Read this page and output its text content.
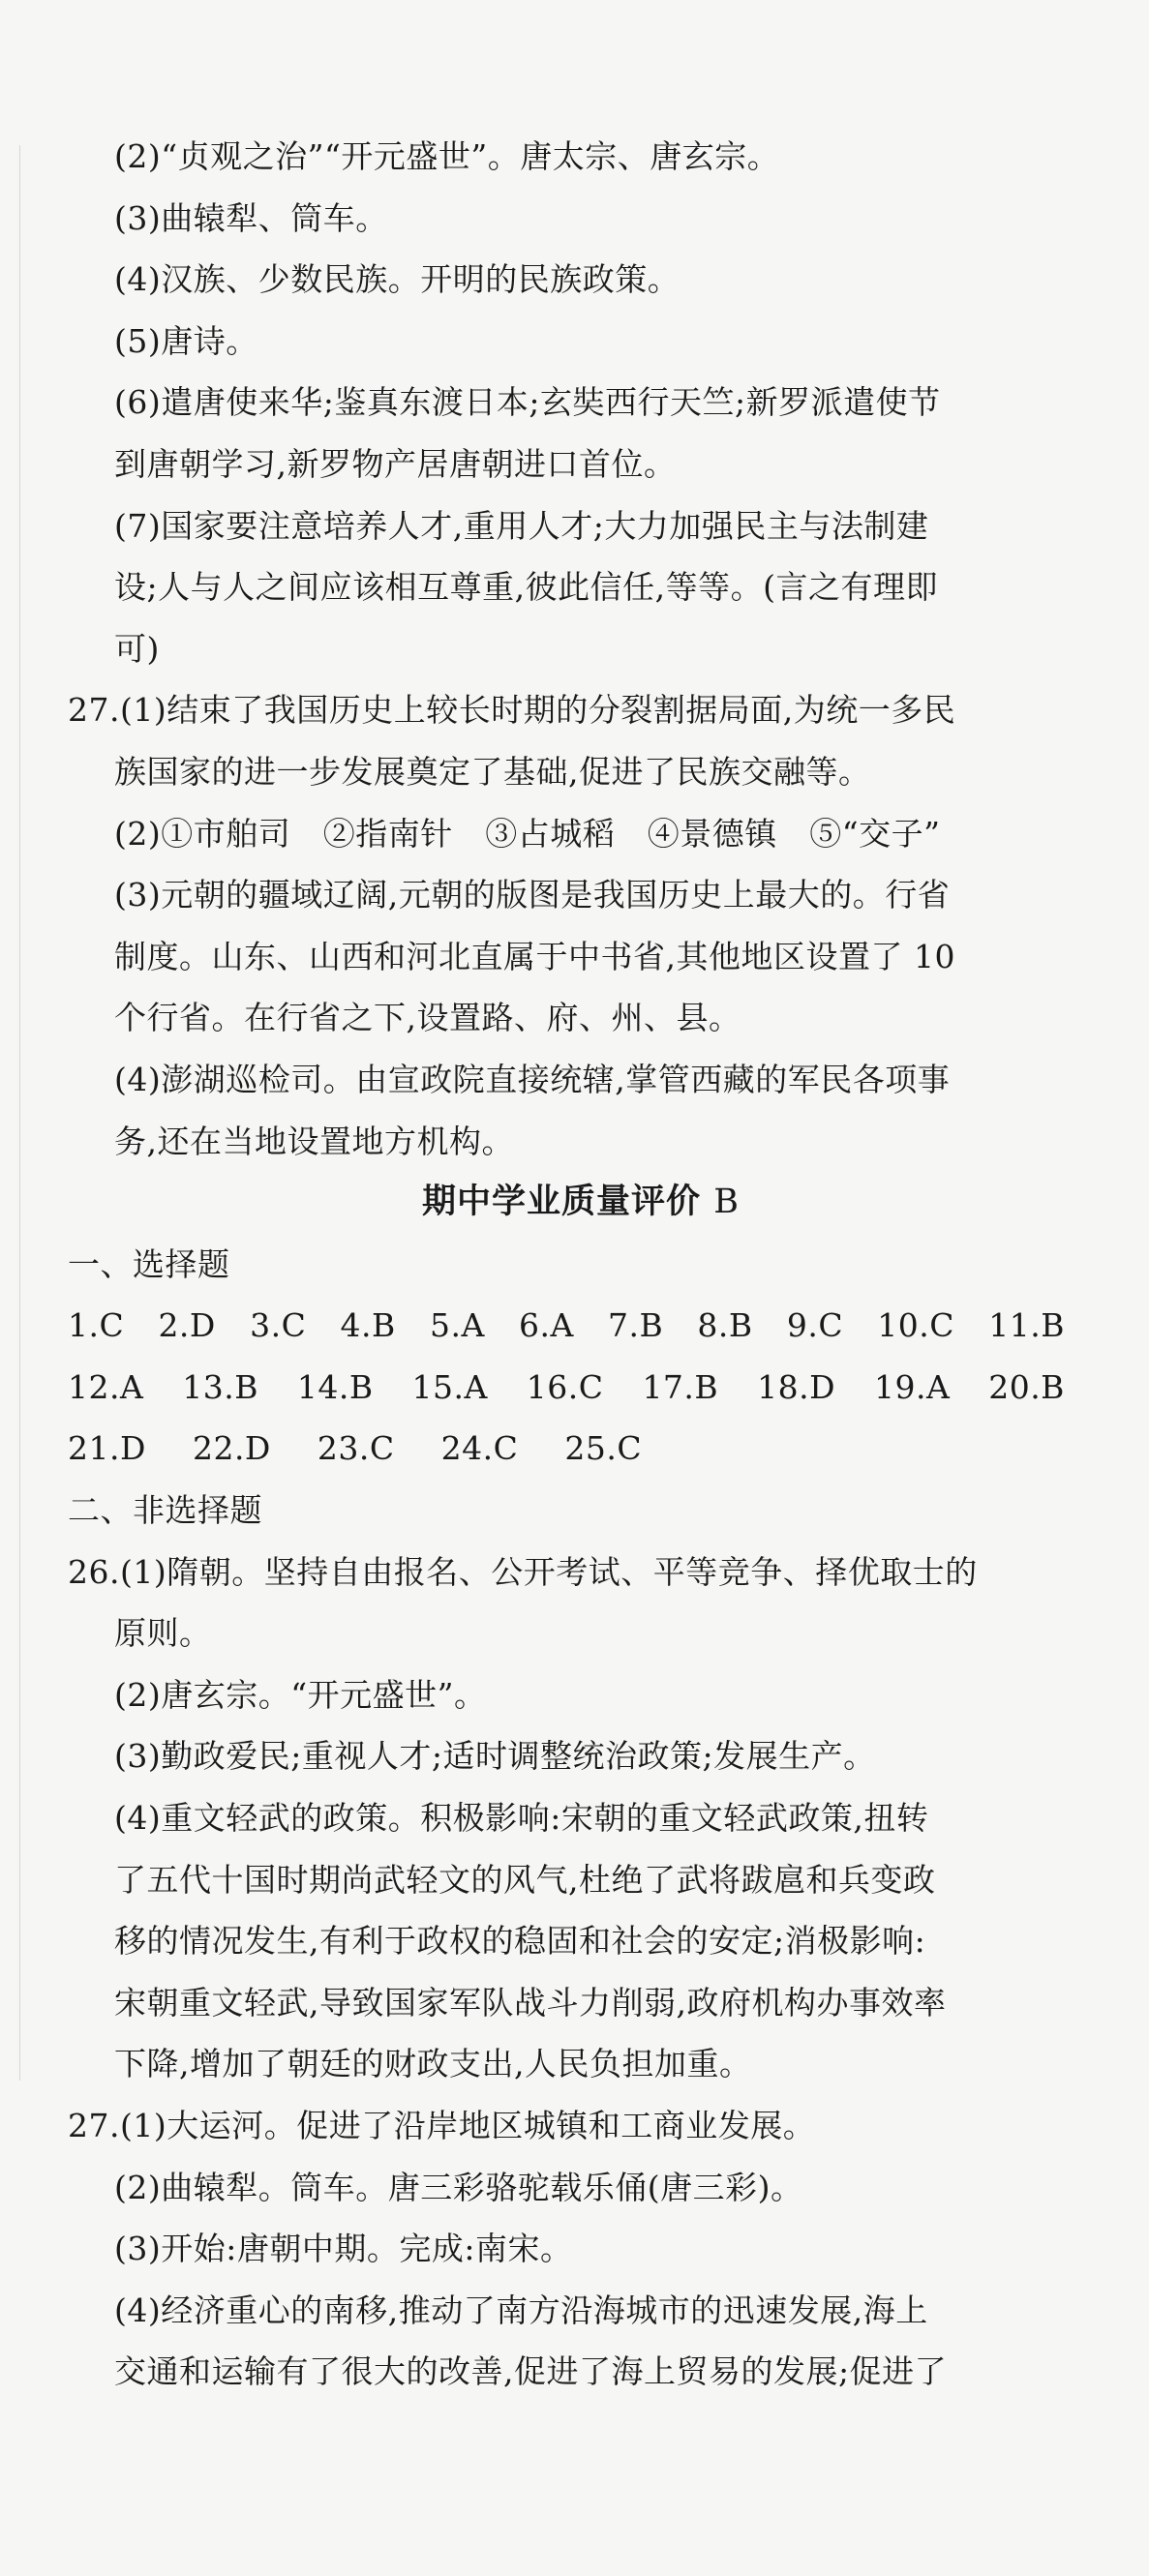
(2)“贞观之治”“开元盛世”。唐太宗、唐玄宗。
(3)曲辕犁、筒车。
(4)汉族、少数民族。开明的民族政策。
(5)唐诗。
(6)遣唐使来华;鉴真东渡日本;玄奘西行天竺;新罗派遣使节
到唐朝学习,新罗物产居唐朝进口首位。
(7)国家要注意培养人才,重用人才;大力加强民主与法制建
设;人与人之间应该相互尊重,彼此信任,等等。(言之有理即
可)
27.(1)结束了我国历史上较长时期的分裂割据局面,为统一多民
族国家的进一步发展奠定了基础,促进了民族交融等。
(2)①市舶司　②指南针　③占城稻　④景德镇　⑤“交子”
(3)元朝的疆域辽阔,元朝的版图是我国历史上最大的。行省
制度。山东、山西和河北直属于中书省,其他地区设置了 10
个行省。在行省之下,设置路、府、州、县。
(4)澎湖巡检司。由宣政院直接统辖,掌管西藏的军民各项事
务,还在当地设置地方机构。
期中学业质量评价 B
一、选择题
1.C 2.D 3.C 4.B 5.A 6.A 7.B 8.B 9.C 10.C 11.B
12.A 13.B 14.B 15.A 16.C 17.B 18.D 19.A 20.B
21.D 22.D 23.C 24.C 25.C
二、非选择题
26.(1)隋朝。坚持自由报名、公开考试、平等竞争、择优取士的
原则。
(2)唐玄宗。“开元盛世”。
(3)勤政爱民;重视人才;适时调整统治政策;发展生产。
(4)重文轻武的政策。积极影响:宋朝的重文轻武政策,扭转
了五代十国时期尚武轻文的风气,杜绝了武将跋扈和兵变政
移的情况发生,有利于政权的稳固和社会的安定;消极影响:
宋朝重文轻武,导致国家军队战斗力削弱,政府机构办事效率
下降,增加了朝廷的财政支出,人民负担加重。
27.(1)大运河。促进了沿岸地区城镇和工商业发展。
(2)曲辕犁。筒车。唐三彩骆驼载乐俑(唐三彩)。
(3)开始:唐朝中期。完成:南宋。
(4)经济重心的南移,推动了南方沿海城市的迅速发展,海上
交通和运输有了很大的改善,促进了海上贸易的发展;促进了
